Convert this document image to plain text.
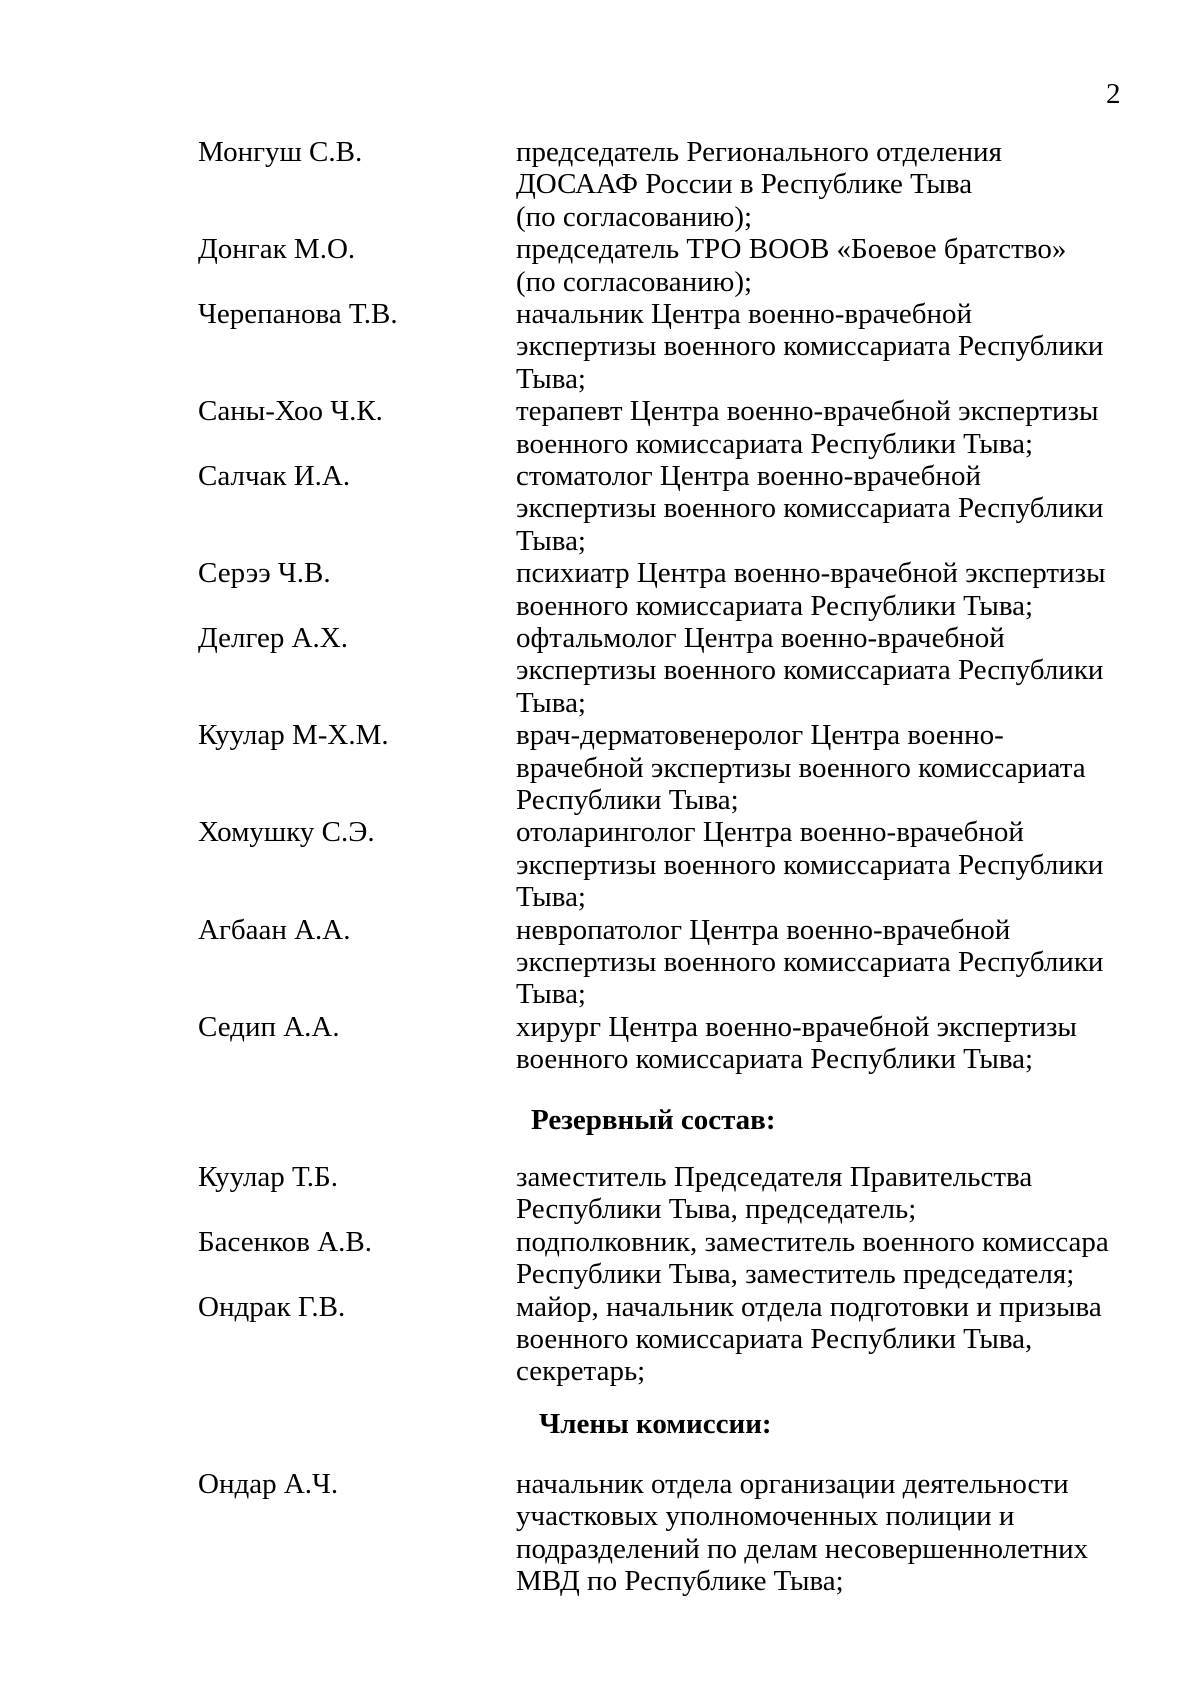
2
Монгуш С.В.	председатель Регионального отделения
ДОСААФ России в Республике Тыва
(по согласованию);
Донгак М.О.	председатель ТРО ВООВ «Боевое братство»
(по согласованию);
Черепанова Т.В.	начальник Центра военно-врачебной
экспертизы военного комиссариата Республики
Тыва;
Саны-Хоо Ч.К.	терапевт Центра военно-врачебной экспертизы
военного комиссариата Республики Тыва;
Салчак И.А.	стоматолог Центра военно-врачебной
экспертизы военного комиссариата Республики
Тыва;
Серээ Ч.В.	психиатр Центра военно-врачебной экспертизы
военного комиссариата Республики Тыва;
Делгер А.Х.	офтальмолог Центра военно-врачебной
экспертизы военного комиссариата Республики
Тыва;
Куулар М-Х.М.	врач-дерматовенеролог Центра военно-
врачебной экспертизы военного комиссариата
Республики Тыва;
Хомушку С.Э.	отоларинголог Центра военно-врачебной
экспертизы военного комиссариата Республики
Тыва;
Агбаан А.А.	невропатолог Центра военно-врачебной
экспертизы военного комиссариата Республики
Тыва;
Седип А.А.	хирург Центра военно-врачебной экспертизы
военного комиссариата Республики Тыва;
Резервный состав:
Куулар Т.Б.	заместитель Председателя Правительства
Республики Тыва, председатель;
Басенков А.В.	подполковник, заместитель военного комиссара
Республики Тыва, заместитель председателя;
Ондрак Г.В.	майор, начальник отдела подготовки и призыва
военного комиссариата Республики Тыва,
секретарь;
Члены комиссии:
Ондар А.Ч.	начальник отдела организации деятельности
участковых уполномоченных полиции и
подразделений по делам несовершеннолетних
МВД по Республике Тыва;
